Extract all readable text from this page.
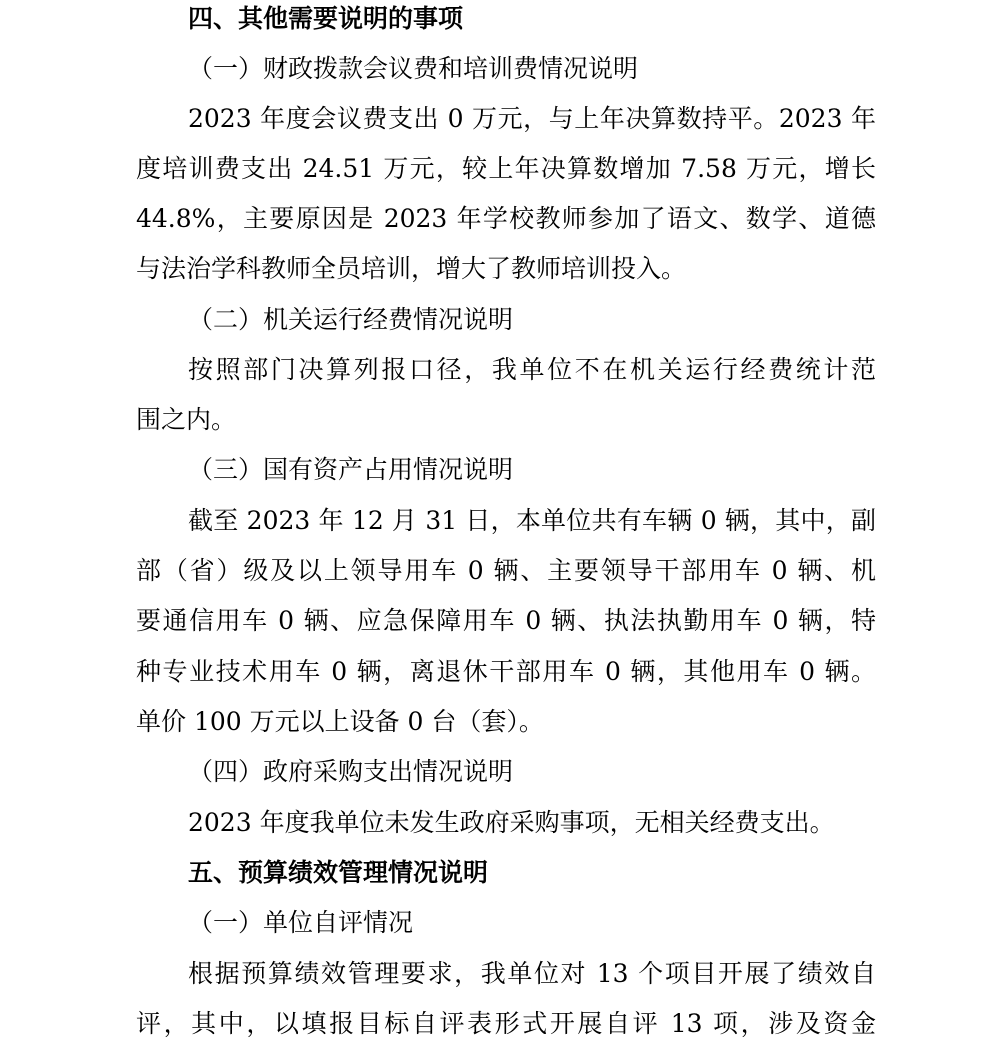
四、其他需要说明的事项
（一）财政拨款会议费和培训费情况说明
2023 年度会议费支出 0 万元，与上年决算数持平。2023 年
度培训费支出 24.51 万元，较上年决算数增加 7.58 万元，增长
44.8%，主要原因是 2023 年学校教师参加了语文、数学、道德
与法治学科教师全员培训，增大了教师培训投入。
（二）机关运行经费情况说明
按照部门决算列报口径，我单位不在机关运行经费统计范
围之内。
（三）国有资产占用情况说明
截至 2023 年 12 月 31 日，本单位共有车辆 0 辆，其中，副
部（省）级及以上领导用车 0 辆、主要领导干部用车 0 辆、机
要通信用车 0 辆、应急保障用车 0 辆、执法执勤用车 0 辆，特
种专业技术用车 0 辆，离退休干部用车 0 辆，其他用车 0 辆。
单价 100 万元以上设备 0 台（套）。
（四）政府采购支出情况说明
2023 年度我单位未发生政府采购事项，无相关经费支出。
五、预算绩效管理情况说明
（一）单位自评情况
根据预算绩效管理要求，我单位对 13 个项目开展了绩效自
评，其中，以填报目标自评表形式开展自评 13 项，涉及资金
